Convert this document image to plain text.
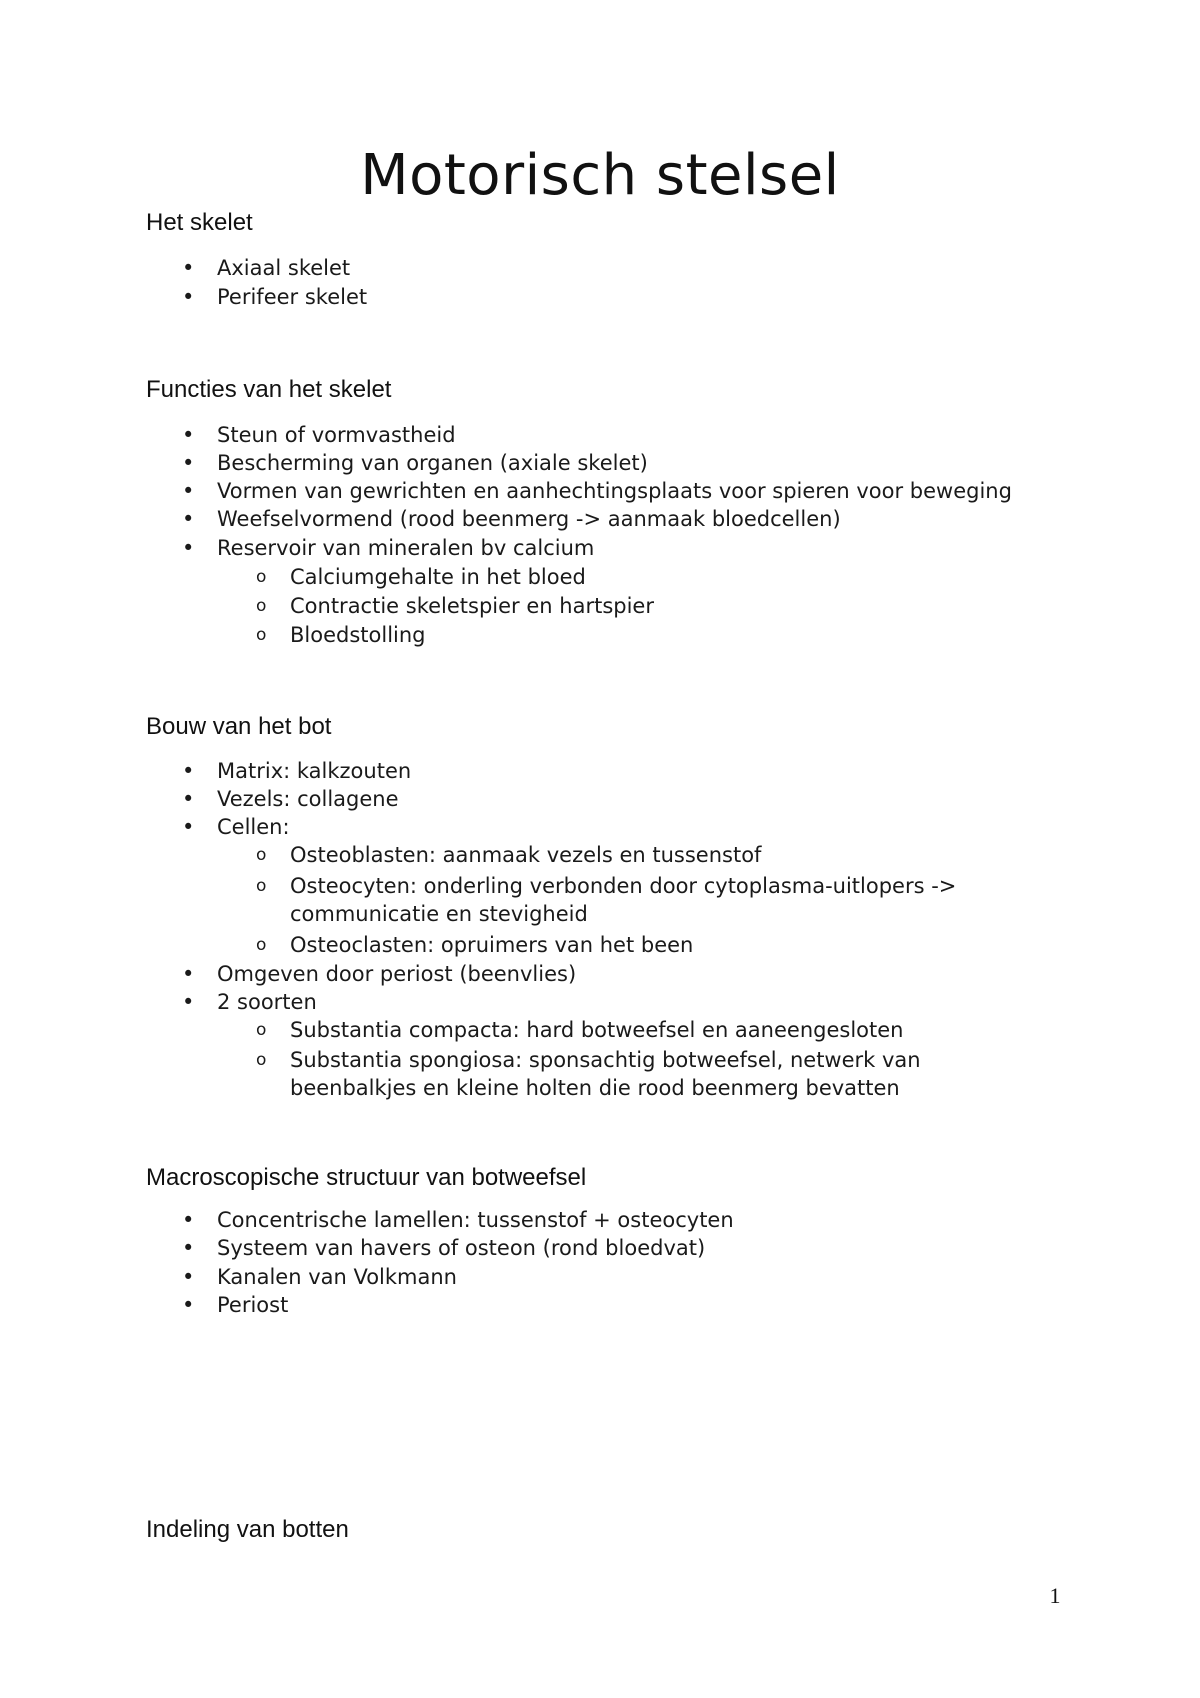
Motorisch stelsel
Het skelet
• Axiaal skelet
• Perifeer skelet
Functies van het skelet
• Steun of vormvastheid
• Bescherming van organen (axiale skelet)
• Vormen van gewrichten en aanhechtingsplaats voor spieren voor beweging
• Weefselvormend (rood beenmerg -> aanmaak bloedcellen)
• Reservoir van mineralen bv calcium
o Calciumgehalte in het bloed
o Contractie skeletspier en hartspier
o Bloedstolling
Bouw van het bot
• Matrix: kalkzouten
• Vezels: collagene
• Cellen:
o Osteoblasten: aanmaak vezels en tussenstof
o Osteocyten: onderling verbonden door cytoplasma-uitlopers -> communicatie en stevigheid
o Osteoclasten: opruimers van het been
• Omgeven door periost (beenvlies)
• 2 soorten
o Substantia compacta: hard botweefsel en aaneengesloten
o Substantia spongiosa: sponsachtig botweefsel, netwerk van beenbalkjes en kleine holten die rood beenmerg bevatten
Macroscopische structuur van botweefsel
• Concentrische lamellen: tussenstof + osteocyten
• Systeem van havers of osteon (rond bloedvat)
• Kanalen van Volkmann
• Periost
Indeling van botten
1
